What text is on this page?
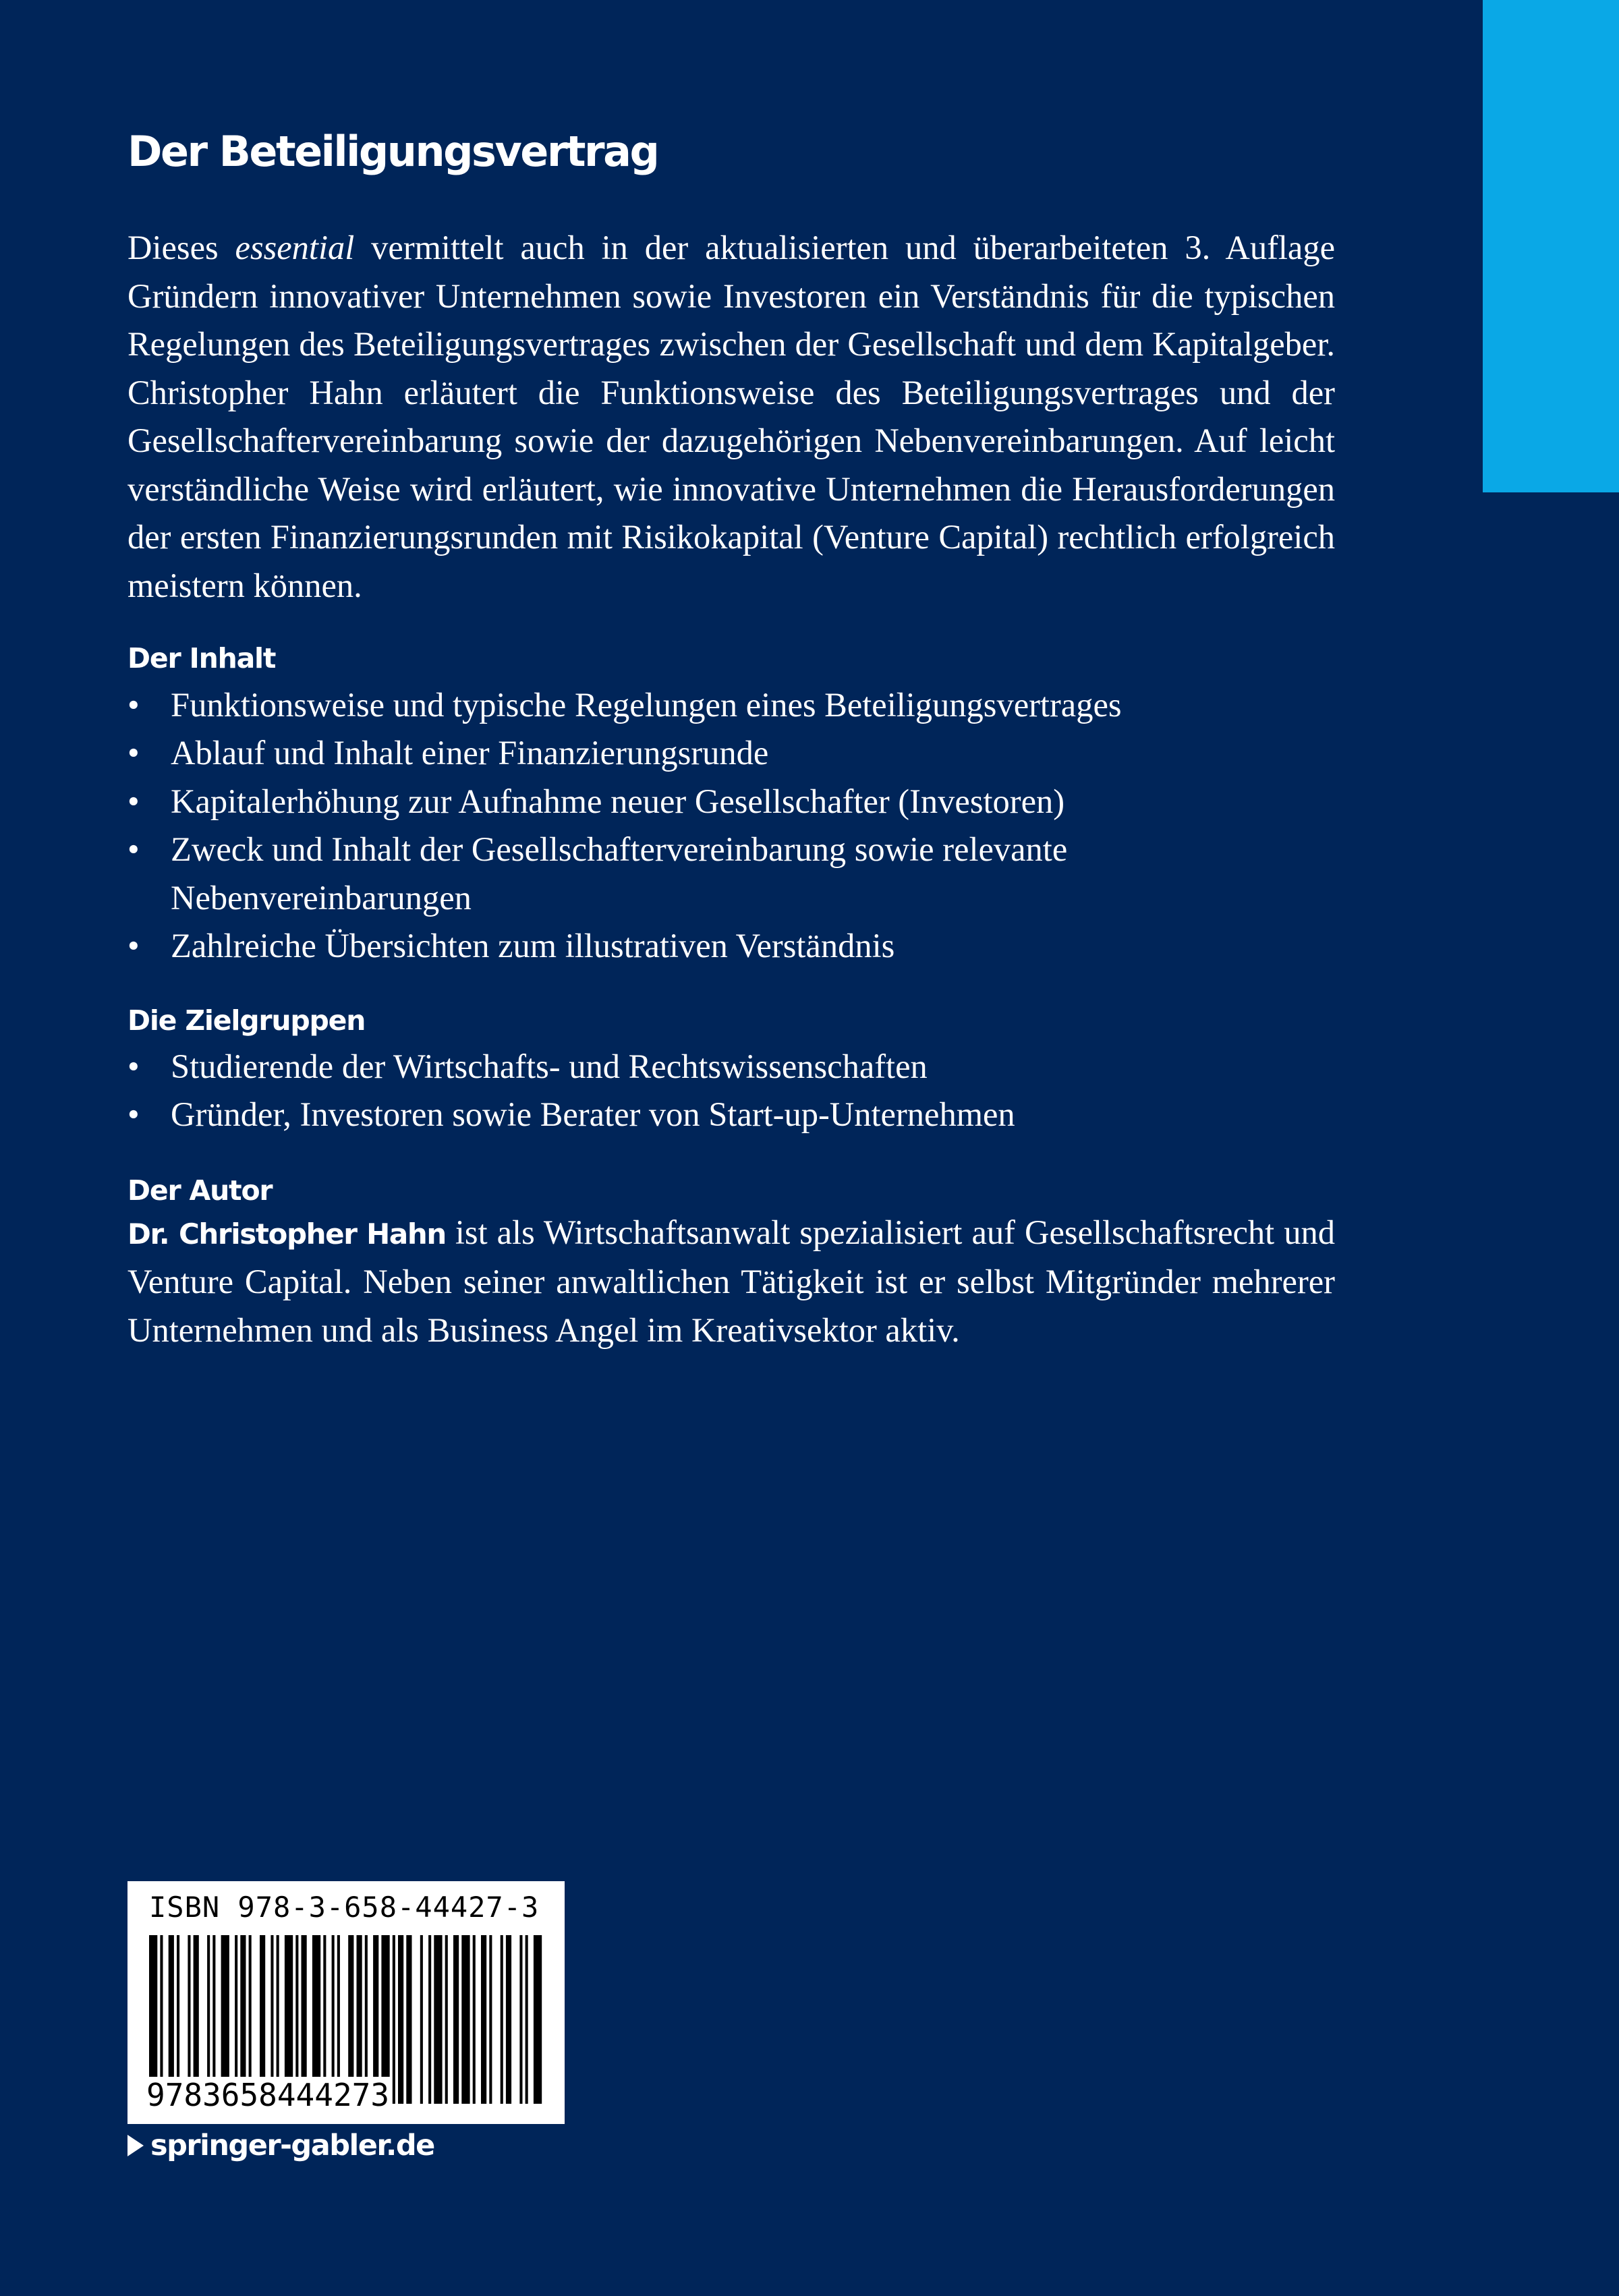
Der Beteiligungsvertrag

Dieses essential vermittelt auch in der aktualisierten und überarbeiteten 3. Auflage Gründern innovativer Unternehmen sowie Investoren ein Verständnis für die typischen Regelungen des Beteiligungsvertrages zwischen der Gesellschaft und dem Kapitalgeber. Christopher Hahn erläutert die Funktionsweise des Beteiligungsvertrages und der Gesellschaftervereinbarung sowie der dazugehörigen Nebenvereinbarungen. Auf leicht verständliche Weise wird erläutert, wie innovative Unternehmen die Herausforderungen der ersten Finanzierungsrunden mit Risikokapital (Venture Capital) rechtlich erfolgreich meistern können.

Der Inhalt
• Funktionsweise und typische Regelungen eines Beteiligungsvertrages
• Ablauf und Inhalt einer Finanzierungsrunde
• Kapitalerhöhung zur Aufnahme neuer Gesellschafter (Investoren)
• Zweck und Inhalt der Gesellschaftervereinbarung sowie relevante Nebenvereinbarungen
• Zahlreiche Übersichten zum illustrativen Verständnis
Die Zielgruppen
• Studierende der Wirtschafts- und Rechtswissenschaften
• Gründer, Investoren sowie Berater von Start-up-Unternehmen
Der Autor
Dr. Christopher Hahn ist als Wirtschaftsanwalt spezialisiert auf Gesellschaftsrecht und Venture Capital. Neben seiner anwaltlichen Tätigkeit ist er selbst Mitgründer mehrerer Unternehmen und als Business Angel im Kreativsektor aktiv.
ISBN 978-3-658-44427-3
9783658444273
springer-gabler.de
